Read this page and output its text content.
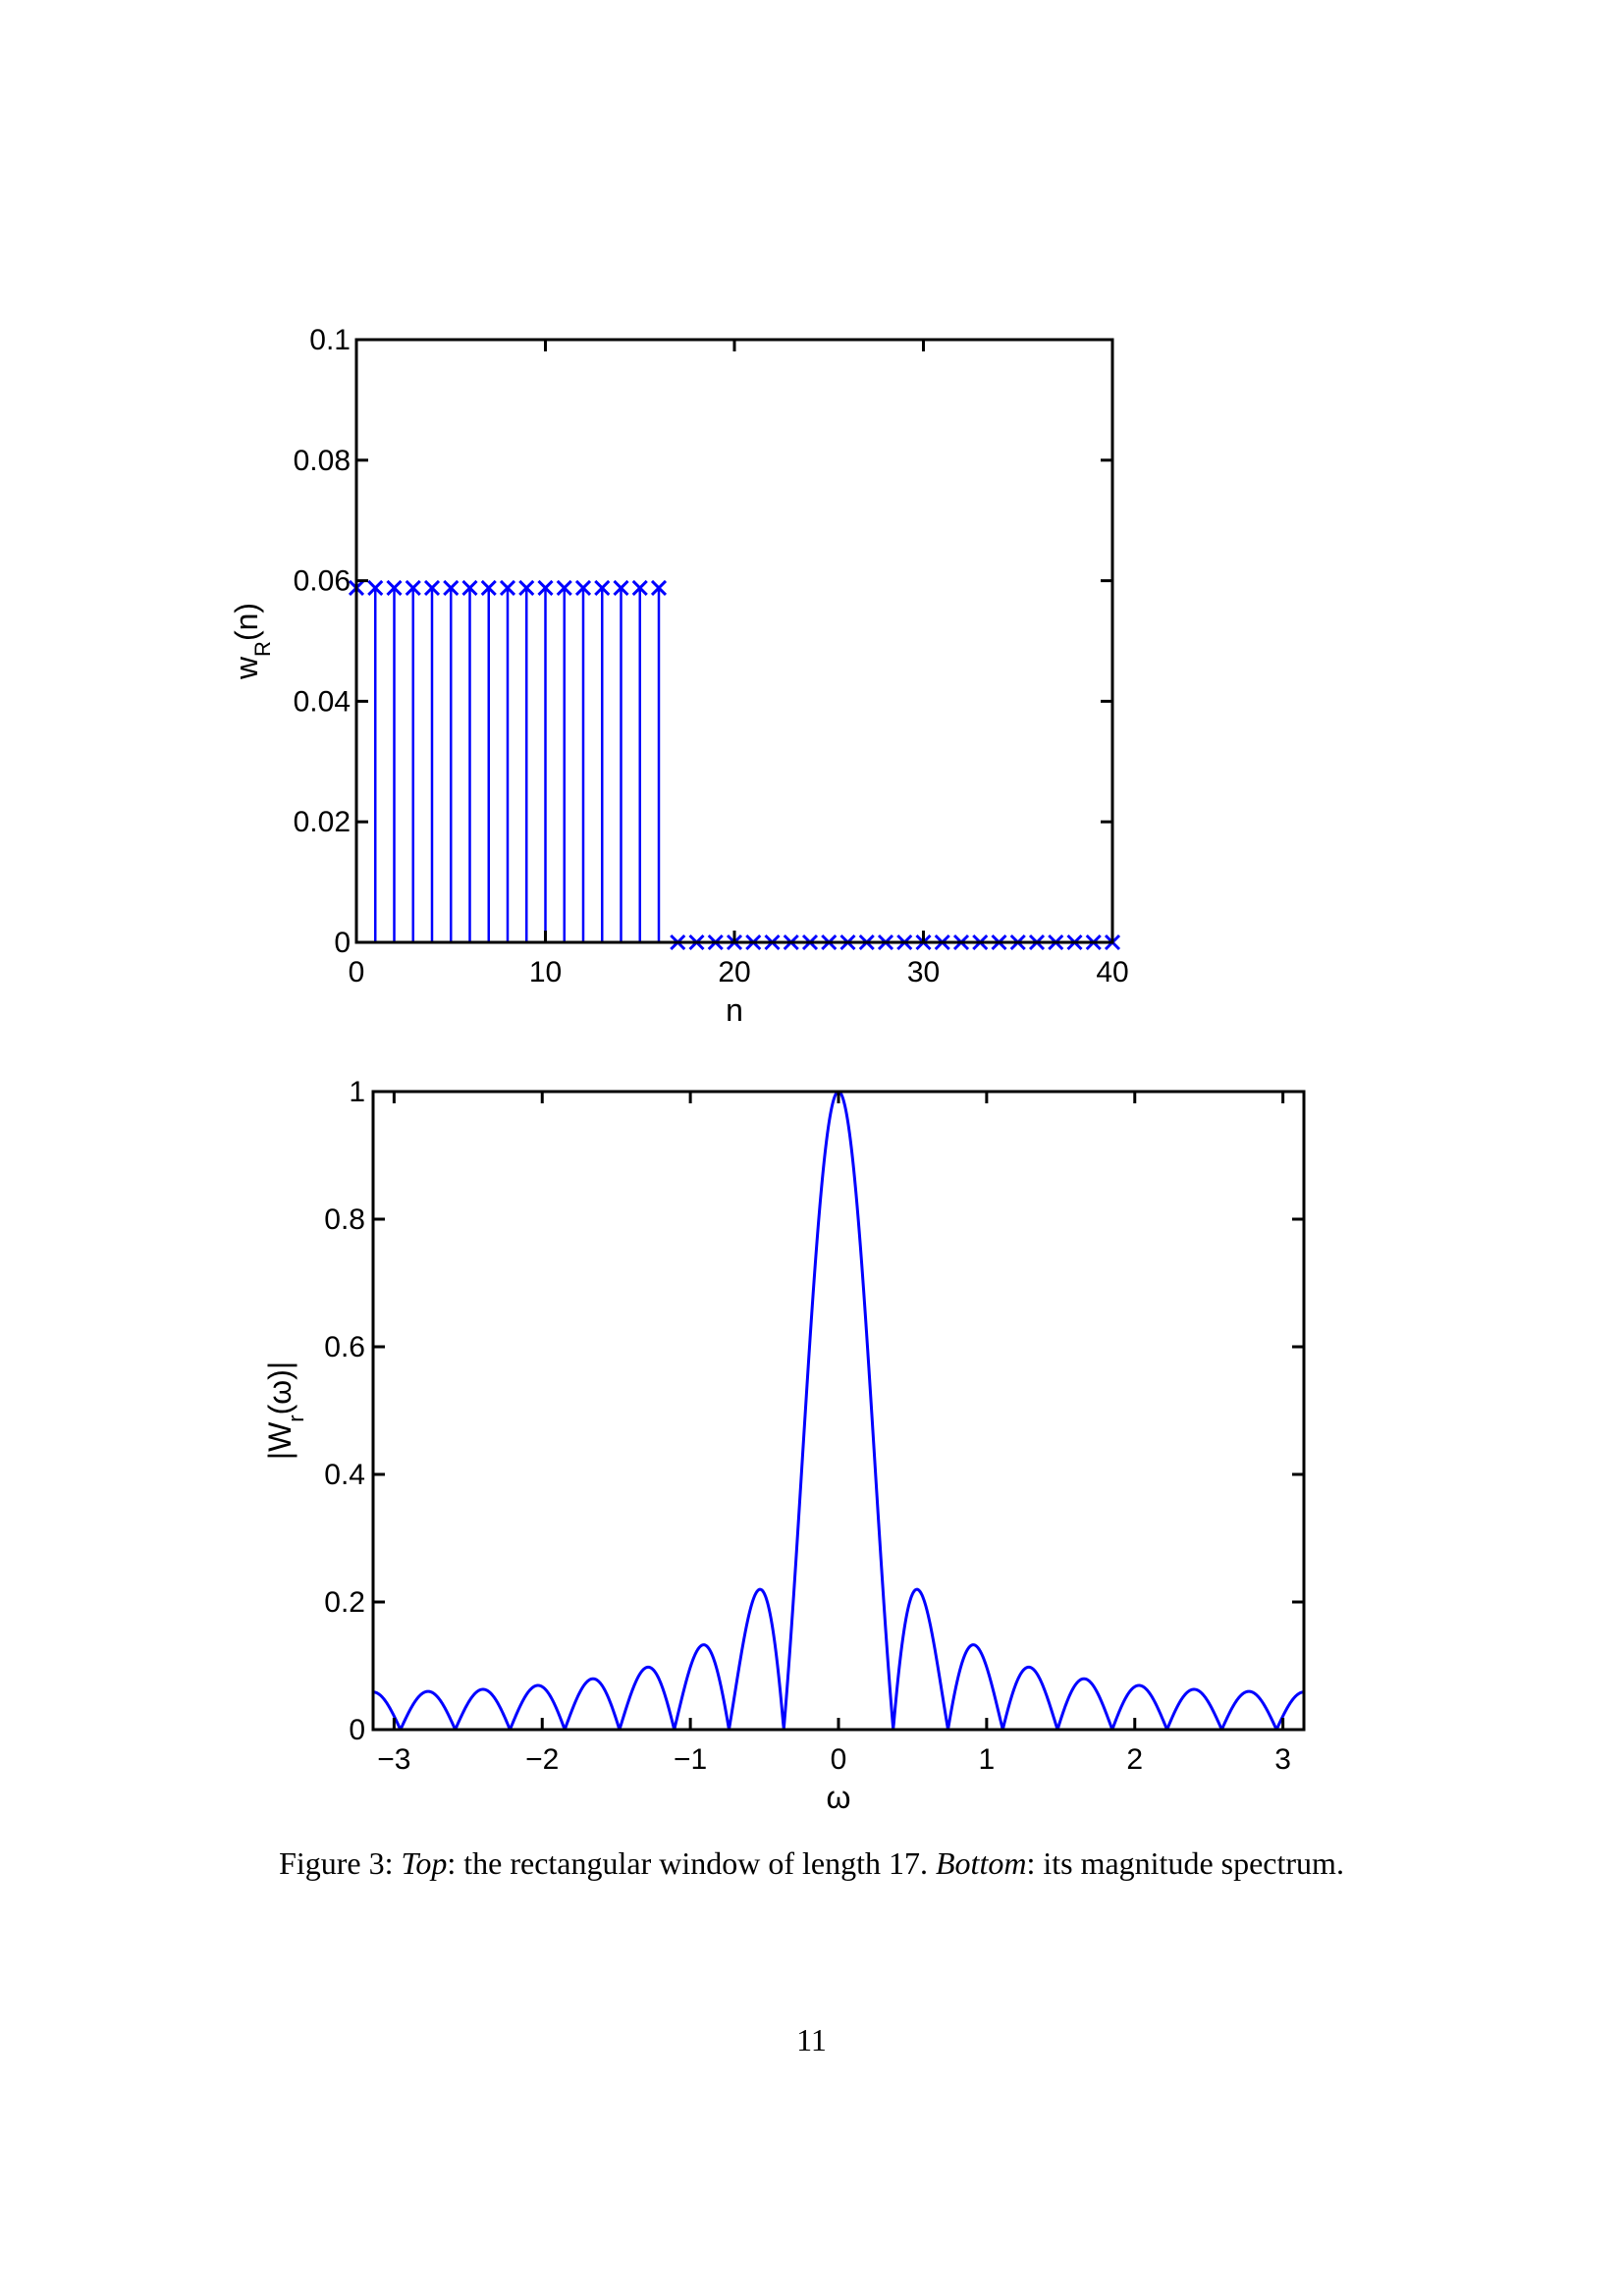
0	10	20	30	40
0
0.02
0.04
0.06
0.08
0.1
n
$w_R(n)$
−3	−2	−1	0	1	2	3
0
0.2
0.4
0.6
0.8
1
ω
$|W_r(\omega)|$
Figure 3: Top: the rectangular window of length 17. Bottom: its magnitude spectrum.
11
